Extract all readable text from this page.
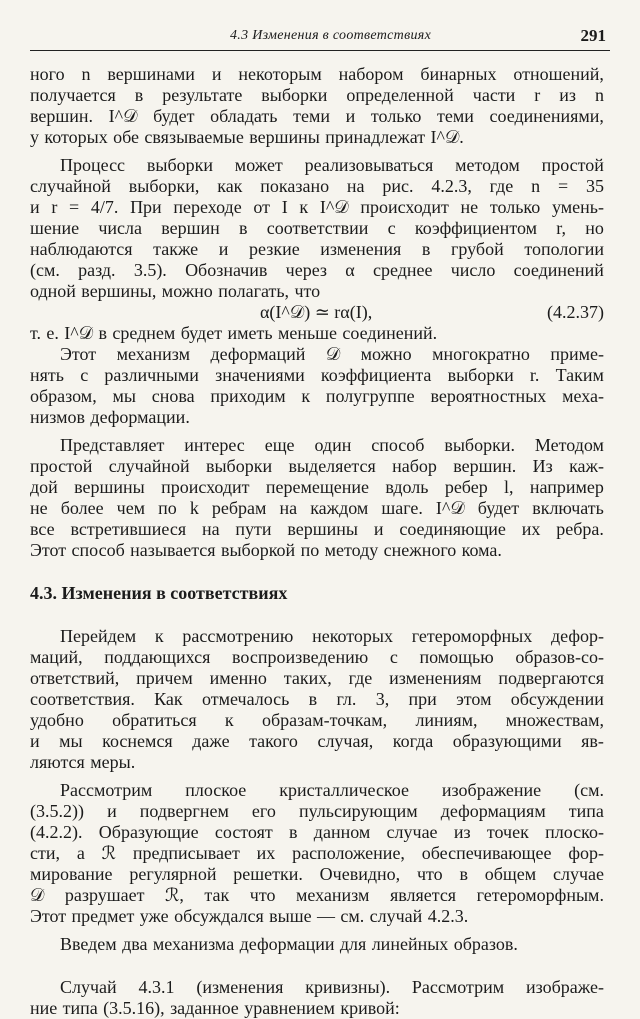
4.3 Изменения в соответствиях	291
ного n вершинами и некоторым набором бинарных отношений,
получается в результате выборки определенной части r из n
вершин. I^𝒟 будет обладать теми и только теми соединениями,
у которых обе связываемые вершины принадлежат I^𝒟.
Процесс выборки может реализовываться методом простой
случайной выборки, как показано на рис. 4.2.3, где n = 35
и r = 4/7. При переходе от I к I^𝒟 происходит не только умень-
шение числа вершин в соответствии с коэффициентом r, но
наблюдаются также и резкие изменения в грубой топологии
(см. разд. 3.5). Обозначив через α среднее число соединений
одной вершины, можно полагать, что
α(I^𝒟) ≃ rα(I),	(4.2.37)
т. е. I^𝒟 в среднем будет иметь меньше соединений.
Этот механизм деформаций 𝒟 можно многократно приме-
нять с различными значениями коэффициента выборки r. Таким
образом, мы снова приходим к полугруппе вероятностных меха-
низмов деформации.
Представляет интерес еще один способ выборки. Методом
простой случайной выборки выделяется набор вершин. Из каж-
дой вершины происходит перемещение вдоль ребер l, например
не более чем по k ребрам на каждом шаге. I^𝒟 будет включать
все встретившиеся на пути вершины и соединяющие их ребра.
Этот способ называется выборкой по методу снежного кома.
4.3. Изменения в соответствиях
Перейдем к рассмотрению некоторых гетероморфных дефор-
маций, поддающихся воспроизведению с помощью образов-со-
ответствий, причем именно таких, где изменениям подвергаются
соответствия. Как отмечалось в гл. 3, при этом обсуждении
удобно обратиться к образам-точкам, линиям, множествам,
и мы коснемся даже такого случая, когда образующими яв-
ляются меры.
Рассмотрим плоское кристаллическое изображение (см.
(3.5.2)) и подвергнем его пульсирующим деформациям типа
(4.2.2). Образующие состоят в данном случае из точек плоско-
сти, а ℛ предписывает их расположение, обеспечивающее фор-
мирование регулярной решетки. Очевидно, что в общем случае
𝒟 разрушает ℛ, так что механизм является гетероморфным.
Этот предмет уже обсуждался выше — см. случай 4.2.3.
Введем два механизма деформации для линейных образов.
Случай 4.3.1 (изменения кривизны). Рассмотрим изображе-
ние типа (3.5.16), заданное уравнением кривой:
